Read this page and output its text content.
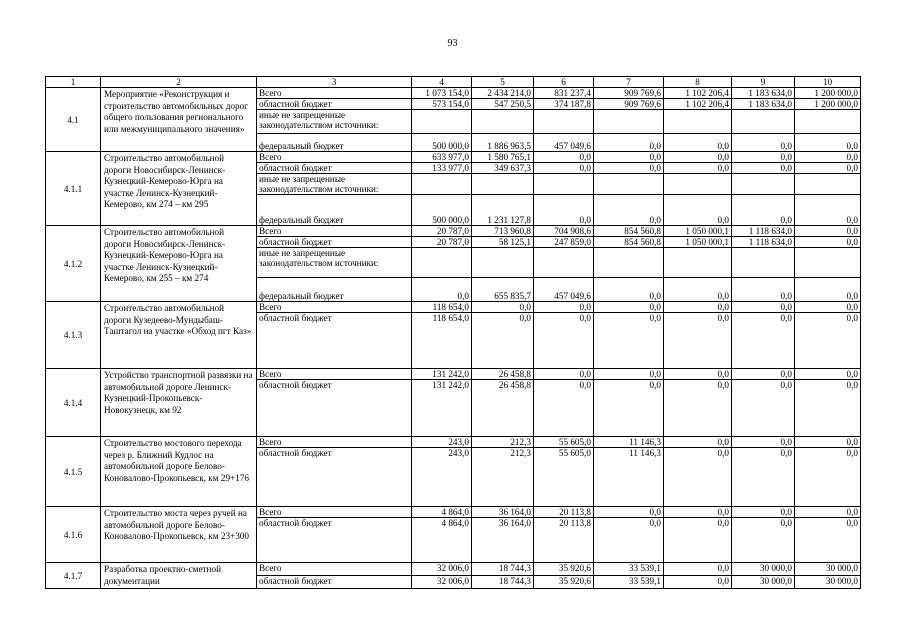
93
1	2	3	4	5	6	7	8	9	10
4.1	Мероприятие «Реконструкция и строительство автомобильных дорог общего пользования регионального или межмуниципального значения»	Всего	1 073 154,0	2 434 214,0	831 237,4	909 769,6	1 102 206,4	1 183 634,0	1 200 000,0
		областной бюджет	573 154,0	547 250,5	374 187,8	909 769,6	1 102 206,4	1 183 634,0	1 200 000,0
		иные не запрещенные законодательством источники:							
		федеральный бюджет	500 000,0	1 886 963,5	457 049,6	0,0	0,0	0,0	0,0
4.1.1	Строительство автомобильной дороги Новосибирск-Ленинск-Кузнецкий-Кемерово-Юрга на участке Ленинск-Кузнецкий-Кемерово, км 274 – км 295	Всего	633 977,0	1 580 765,1	0,0	0,0	0,0	0,0	0,0
		областной бюджет	133 977,0	349 637,3	0,0	0,0	0,0	0,0	0,0
		иные не запрещенные законодательством источники:							
		федеральный бюджет	500 000,0	1 231 127,8	0,0	0,0	0,0	0,0	0,0
4.1.2	Строительство автомобильной дороги Новосибирск-Ленинск-Кузнецкий-Кемерово-Юрга на участке Ленинск-Кузнецкий-Кемерово, км 255 – км 274	Всего	20 787,0	713 960,8	704 908,6	854 560,8	1 050 000,1	1 118 634,0	0,0
		областной бюджет	20 787,0	58 125,1	247 859,0	854 560,8	1 050 000,1	1 118 634,0	0,0
		иные не запрещенные законодательством источники:							
		федеральный бюджет	0,0	655 835,7	457 049,6	0,0	0,0	0,0	0,0
4.1.3	Строительство автомобильной дороги Кузедеево-Мундыбаш-Таштагол на участке «Обход пгт Каз»	Всего	118 654,0	0,0	0,0	0,0	0,0	0,0	0,0
		областной бюджет	118 654,0	0,0	0,0	0,0	0,0	0,0	0,0
4.1.4	Устройство транспортной развязки на автомобильной дороге Ленинск-Кузнецкий-Прокопьевск-Новокузнецк, км 92	Всего	131 242,0	26 458,8	0,0	0,0	0,0	0,0	0,0
		областной бюджет	131 242,0	26 458,8	0,0	0,0	0,0	0,0	0,0
4.1.5	Строительство мостового перехода через р. Ближний Кудлос на автомобильной дороге Белово-Коновалово-Прокопьевск, км 29+176	Всего	243,0	212,3	55 605,0	11 146,3	0,0	0,0	0,0
		областной бюджет	243,0	212,3	55 605,0	11 146,3	0,0	0,0	0,0
4.1.6	Строительство моста через ручей на автомобильной дороге Белово-Коновалово-Прокопьевск, км 23+300	Всего	4 864,0	36 164,0	20 113,8	0,0	0,0	0,0	0,0
		областной бюджет	4 864,0	36 164,0	20 113,8	0,0	0,0	0,0	0,0
4.1.7	Разработка проектно-сметной документации	Всего	32 006,0	18 744,3	35 920,6	33 539,1	0,0	30 000,0	30 000,0
		областной бюджет	32 006,0	18 744,3	35 920,6	33 539,1	0,0	30 000,0	30 000,0
